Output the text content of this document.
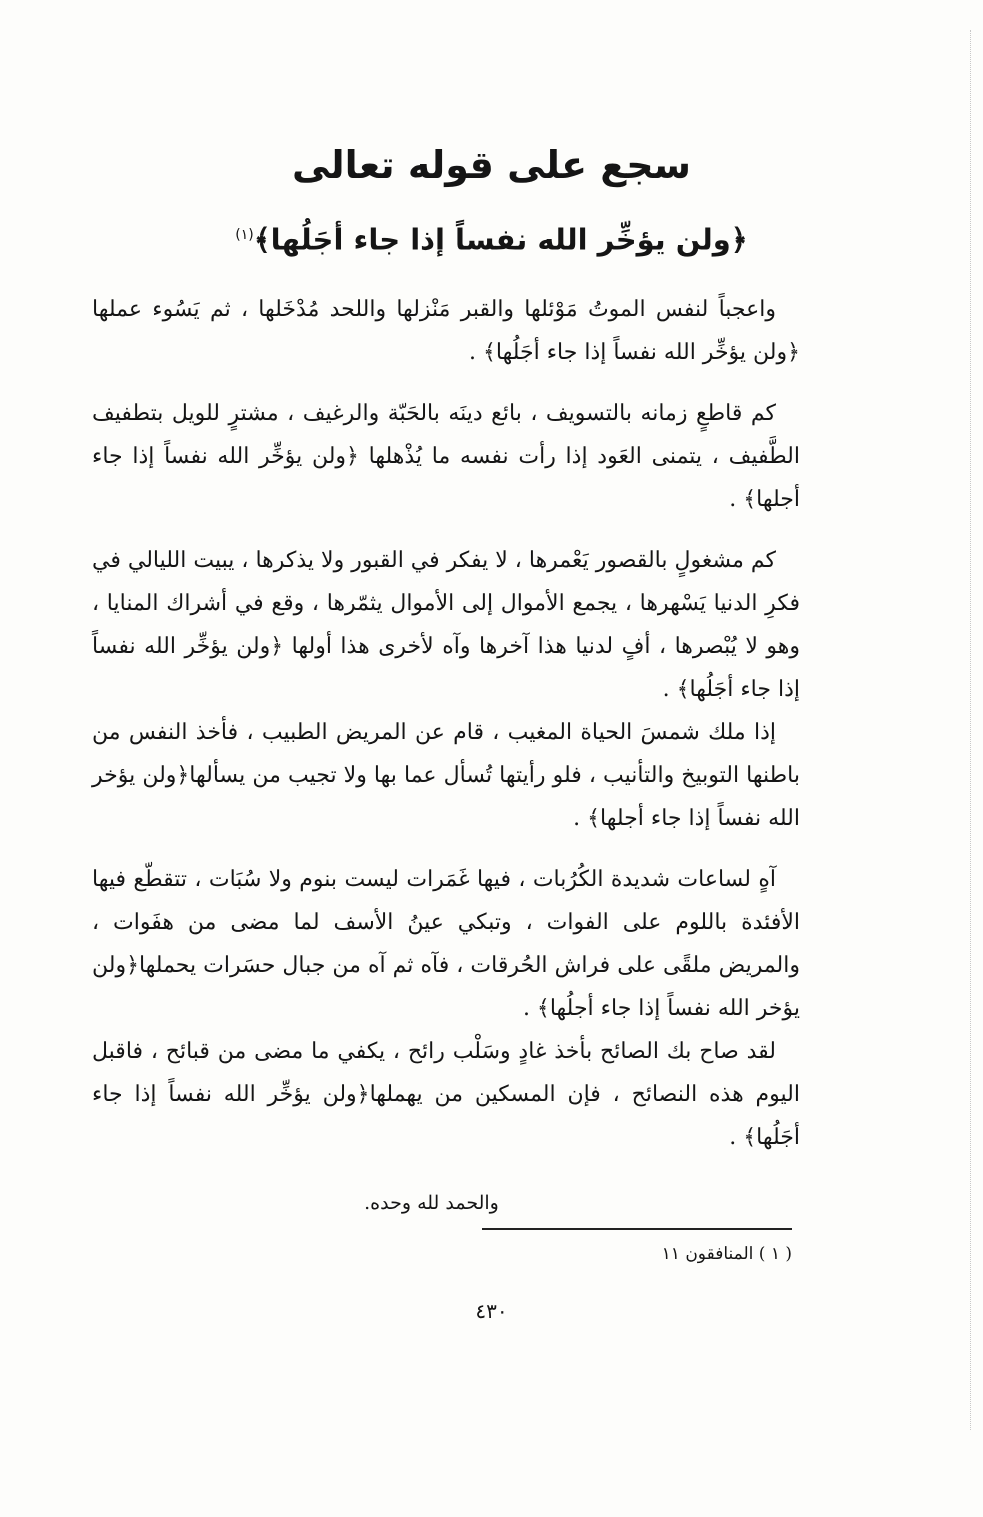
سجع على قوله تعالى
﴿ولن يؤخِّر الله نفساً إذا جاء أجَلُها﴾$^{(١)}$

واعجباً لنفس الموتُ مَوْئلها والقبر مَنْزلها واللحد مُدْخَلها ، ثم يَسُوء عملها ﴿ولن يؤخِّر الله نفساً إذا جاء أجَلُها﴾ .

كم قاطعٍ زمانه بالتسويف ، بائع دينَه بالحَبّة والرغيف ، مشترٍ للويل بتطفيف الطَّفيف ، يتمنى العَود إذا رأت نفسه ما يُذْهلها ﴿ولن يؤخِّر الله نفساً إذا جاء أجلها﴾ .

كم مشغولٍ بالقصور يَعْمرها ، لا يفكر في القبور ولا يذكرها ، يبيت الليالي في فكرِ الدنيا يَسْهرها ، يجمع الأموال إلى الأموال يثمّرها ، وقع في أشراك المنايا ، وهو لا يُبْصرها ، أفٍ لدنيا هذا آخرها وآه لأخرى هذا أولها ﴿ولن يؤخِّر الله نفساً إذا جاء أجَلُها﴾ .

إذا ملك شمسَ الحياة المغيب ، قام عن المريض الطبيب ، فأخذ النفس من باطنها التوبيخ والتأنيب ، فلو رأيتها تُسأل عما بها ولا تجيب من يسألها﴿ولن يؤخر الله نفساً إذا جاء أجلها﴾ .

آهٍ لساعات شديدة الكُرُبات ، فيها غَمَرات ليست بنوم ولا سُبَات ، تتقطّع فيها الأفئدة باللوم على الفوات ، وتبكي عينُ الأسف لما مضى من هفَوات ، والمريض ملقًى على فراش الحُرقات ، فآه ثم آه من جبال حسَرات يحملها﴿ولن يؤخر الله نفساً إذا جاء أجلُها﴾ .

لقد صاح بك الصائح بأخذ غادٍ وسَلْب رائح ، يكفي ما مضى من قبائح ، فاقبل اليوم هذه النصائح ، فإن المسكين من يهملها﴿ولن يؤخِّر الله نفساً إذا جاء أجَلُها﴾ .

والحمد لله وحده.
( ١ ) المنافقون ١١
٤٣٠
